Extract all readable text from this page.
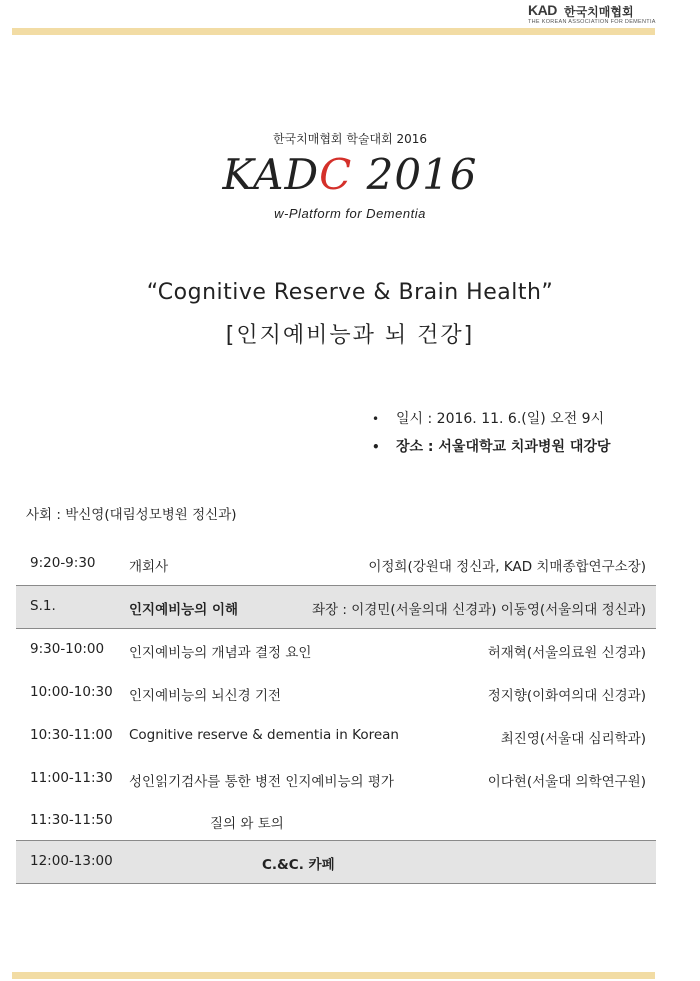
KAD 한국치매협회
THE KOREAN ASSOCIATION FOR DEMENTIA
한국치매협회 학술대회 2016
KADC 2016
w-Platform for Dementia
“Cognitive Reserve & Brain Health”
[인지예비능과 뇌 건강]
• 일시 : 2016. 11. 6.(일) 오전 9시
• 장소 : 서울대학교 치과병원 대강당
사회 : 박신영(대림성모병원 정신과)
9:20-9:30 개회사	이정희(강원대 정신과, KAD 치매종합연구소장)
S.1.	인지예비능의 이해	좌장 : 이경민(서울의대 신경과) 이동영(서울의대 정신과)
9:30-10:00 인지예비능의 개념과 결정 요인	허재혁(서울의료원 신경과)
10:00-10:30 인지예비능의 뇌신경 기전	정지향(이화여의대 신경과)
10:30-11:00 Cognitive reserve & dementia in Korean	최진영(서울대 심리학과)
11:00-11:30 성인읽기검사를 통한 병전 인지예비능의 평가	이다현(서울대 의학연구원)
11:30-11:50	질의 와 토의
12:00-13:00	C.&C. 카페
